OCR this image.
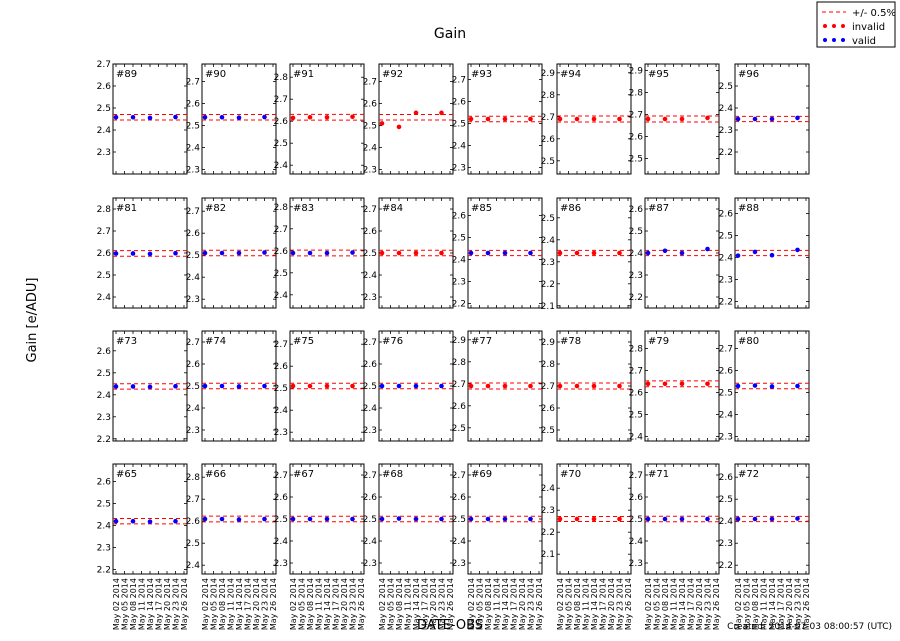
Gain
Gain [e/ADU]
DATE-OBS	Created: 2014-07-03 08:00:57 (UTC)
+/- 0.5%
invalid
valid
2.3
2.4
2.5
2.6
2.7
#89
2.3
2.4
2.5
2.6
2.7
#90
2.4
2.5
2.6
2.7
2.8 #91
2.3
2.4
2.5
2.6
2.7
#92
2.3
2.4
2.5
2.6
2.7
#93
2.5
2.6
2.7
2.8
2.9 #94
2.5
2.6
2.7
2.8
2.9 #95
2.2
2.3
2.4
2.5
#96
2.4
2.5
2.6
2.7
2.8 #81
2.3
2.4
2.5
2.6
2.7 #82
2.4
2.5
2.6
2.7
2.8 #83
2.3
2.4
2.5
2.6
2.7 #84
2.2
2.3
2.4
2.5
2.6
#85
2.1
2.2
2.3
2.4
2.5
#86
2.2
2.3
2.4
2.5
2.6 #87
2.2
2.3
2.4
2.5
2.6
#88
2.2
2.3
2.4
2.5
2.6
#73
2.3
2.4
2.5
2.6
2.7 #74
2.3
2.4
2.5
2.6
2.7 #75
2.3
2.4
2.5
2.6
2.7 #76
2.5
2.6
2.7
2.8
2.9 #77
2.5
2.6
2.7
2.8
2.9 #78
2.4
2.5
2.6
2.7
2.8
#79
2.3
2.4
2.5
2.6
2.7
#80
2.2
2.3
2.4
2.5
2.6
#65
May 02 2014 May 05 2014 May 08 2014 May 11 2014 May 14 2014 May 17 2014 May 20 2014 May 23 2014 May 26 2014
2.4
2.5
2.6
2.7
2.8 #66
May 02 2014 May 05 2014 May 08 2014 May 11 2014 May 14 2014 May 17 2014 May 20 2014 May 23 2014 May 26 2014
2.3
2.4
2.5
2.6
2.7 #67
May 02 2014 May 05 2014 May 08 2014 May 11 2014 May 14 2014 May 17 2014 May 20 2014 May 23 2014 May 26 2014
2.3
2.4
2.5
2.6
2.7 #68
May 02 2014 May 05 2014 May 08 2014 May 11 2014 May 14 2014 May 17 2014 May 20 2014 May 23 2014 May 26 2014
2.3
2.4
2.5
2.6
2.7 #69
May 02 2014 May 05 2014 May 08 2014 May 11 2014 May 14 2014 May 17 2014 May 20 2014 May 23 2014 May 26 2014
2.1
2.2
2.3
2.4
#70
May 02 2014 May 05 2014 May 08 2014 May 11 2014 May 14 2014 May 17 2014 May 20 2014 May 23 2014 May 26 2014
2.3
2.4
2.5
2.6
2.7 #71
May 02 2014 May 05 2014 May 08 2014 May 11 2014 May 14 2014 May 17 2014 May 20 2014 May 23 2014 May 26 2014
2.2
2.3
2.4
2.5
2.6 #72
May 02 2014 May 05 2014 May 08 2014 May 11 2014 May 14 2014 May 17 2014 May 20 2014 May 23 2014 May 26 2014
